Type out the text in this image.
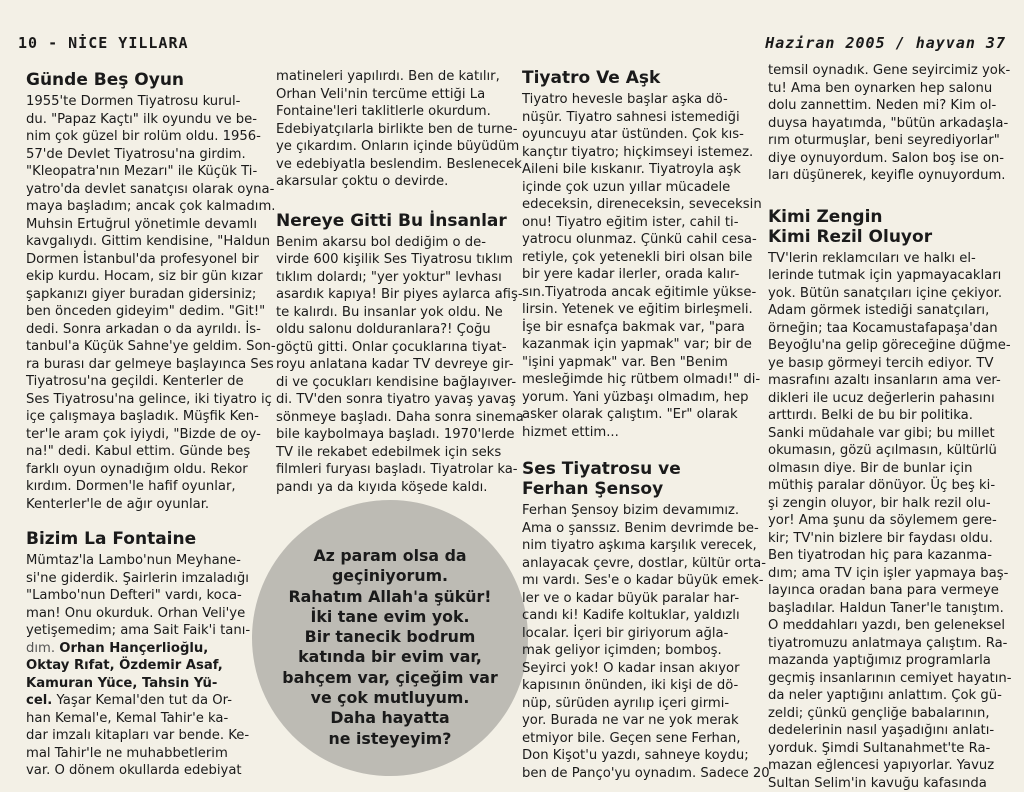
10 - NİCE YILLARA	Haziran 2005 / hayvan 37
Günde Beş Oyun

1955'te Dormen Tiyatrosu kurul-

du. "Papaz Kaçtı" ilk oyundu ve be-

nim çok güzel bir rolüm oldu. 1956-

57'de Devlet Tiyatrosu'na girdim.

"Kleopatra'nın Mezarı" ile Küçük Ti-

yatro'da devlet sanatçısı olarak oyna-

maya başladım; ancak çok kalmadım.

Muhsin Ertuğrul yönetimle devamlı

kavgalıydı. Gittim kendisine, "Haldun

Dormen İstanbul'da profesyonel bir

ekip kurdu. Hocam, siz bir gün kızar

şapkanızı giyer buradan gidersiniz;

ben önceden gideyim" dedim. "Git!"

dedi. Sonra arkadan o da ayrıldı. İs-

tanbul'a Küçük Sahne'ye geldim. Son-

ra burası dar gelmeye başlayınca Ses

Tiyatrosu'na geçildi. Kenterler de

Ses Tiyatrosu'na gelince, iki tiyatro iç

içe çalışmaya başladık. Müşfik Ken-

ter'le aram çok iyiydi, "Bizde de oy-

na!" dedi. Kabul ettim. Günde beş

farklı oyun oynadığım oldu. Rekor

kırdım. Dormen'le hafif oyunlar,

Kenterler'le de ağır oyunlar.

Bizim La Fontaine

Mümtaz'la Lambo'nun Meyhane-

si'ne giderdik. Şairlerin imzaladığı

"Lambo'nun Defteri" vardı, koca-

man! Onu okurduk. Orhan Veli'ye

yetişemedim; ama Sait Faik'i tanı-

dım. Orhan Hançerlioğlu,

Oktay Rıfat, Özdemir Asaf,

Kamuran Yüce, Tahsin Yü-

cel. Yaşar Kemal'den tut da Or-

han Kemal'e, Kemal Tahir'e ka-

dar imzalı kitapları var bende. Ke-

mal Tahir'le ne muhabbetlerim

var. O dönem okullarda edebiyat

matineleri yapılırdı. Ben de katılır,

Orhan Veli'nin tercüme ettiği La

Fontaine'leri taklitlerle okurdum.

Edebiyatçılarla birlikte ben de turne-

ye çıkardım. Onların içinde büyüdüm

ve edebiyatla beslendim. Beslenecek

akarsular çoktu o devirde.

Nereye Gitti Bu İnsanlar

Benim akarsu bol dediğim o de-

virde 600 kişilik Ses Tiyatrosu tıklım

tıklım dolardı; "yer yoktur" levhası

asardık kapıya! Bir piyes aylarca afiş-

te kalırdı. Bu insanlar yok oldu. Ne

oldu salonu dolduranlara?! Çoğu

göçtü gitti. Onlar çocuklarına tiyat-

royu anlatana kadar TV devreye gir-

di ve çocukları kendisine bağlayıver-

di. TV'den sonra tiyatro yavaş yavaş

sönmeye başladı. Daha sonra sinema

bile kaybolmaya başladı. 1970'lerde

TV ile rekabet edebilmek için seks

filmleri furyası başladı. Tiyatrolar ka-

pandı ya da kıyıda köşede kaldı.

Az param olsa da

geçiniyorum.

Rahatım Allah'a şükür!

İki tane evim yok.

Bir tanecik bodrum

katında bir evim var,

bahçem var, çiçeğim var

ve çok mutluyum.

Daha hayatta

ne isteyeyim?

Tiyatro Ve Aşk

Tiyatro hevesle başlar aşka dö-

nüşür. Tiyatro sahnesi istemediği

oyuncuyu atar üstünden. Çok kıs-

kançtır tiyatro; hiçkimseyi istemez.

Aileni bile kıskanır. Tiyatroyla aşk

içinde çok uzun yıllar mücadele

edeceksin, direneceksin, seveceksin

onu! Tiyatro eğitim ister, cahil ti-

yatrocu olunmaz. Çünkü cahil cesa-

retiyle, çok yetenekli biri olsan bile

bir yere kadar ilerler, orada kalır-

sın.Tiyatroda ancak eğitimle yükse-

lirsin. Yetenek ve eğitim birleşmeli.

İşe bir esnafça bakmak var, "para

kazanmak için yapmak" var; bir de

"işini yapmak" var. Ben "Benim

mesleğimde hiç rütbem olmadı!" di-

yorum. Yani yüzbaşı olmadım, hep

asker olarak çalıştım. "Er" olarak

hizmet ettim...

Ses Tiyatrosu ve
Ferhan Şensoy

Ferhan Şensoy bizim devamımız.

Ama o şanssız. Benim devrimde be-

nim tiyatro aşkıma karşılık verecek,

anlayacak çevre, dostlar, kültür orta-

mı vardı. Ses'e o kadar büyük emek-

ler ve o kadar büyük paralar har-

candı ki! Kadife koltuklar, yaldızlı

localar. İçeri bir giriyorum ağla-

mak geliyor içimden; bomboş.

Seyirci yok! O kadar insan akıyor

kapısının önünden, iki kişi de dö-

nüp, sürüden ayrılıp içeri girmi-

yor. Burada ne var ne yok merak

etmiyor bile. Geçen sene Ferhan,

Don Kişot'u yazdı, sahneye koydu;

ben de Panço'yu oynadım. Sadece 20

temsil oynadık. Gene seyircimiz yok-

tu! Ama ben oynarken hep salonu

dolu zannettim. Neden mi? Kim ol-

duysa hayatımda, "bütün arkadaşla-

rım oturmuşlar, beni seyrediyorlar"

diye oynuyordum. Salon boş ise on-

ları düşünerek, keyifle oynuyordum.

Kimi Zengin
Kimi Rezil Oluyor

TV'lerin reklamcıları ve halkı el-

lerinde tutmak için yapmayacakları

yok. Bütün sanatçıları içine çekiyor.

Adam görmek istediği sanatçıları,

örneğin; taa Kocamustafapaşa'dan

Beyoğlu'na gelip göreceğine düğme-

ye basıp görmeyi tercih ediyor. TV

masrafını azaltı insanların ama ver-

dikleri ile ucuz değerlerin pahasını

arttırdı. Belki de bu bir politika.

Sanki müdahale var gibi; bu millet

okumasın, gözü açılmasın, kültürlü

olmasın diye. Bir de bunlar için

müthiş paralar dönüyor. Üç beş ki-

şi zengin oluyor, bir halk rezil olu-

yor! Ama şunu da söylemem gere-

kir; TV'nin bizlere bir faydası oldu.

Ben tiyatrodan hiç para kazanma-

dım; ama TV için işler yapmaya baş-

layınca oradan bana para vermeye

başladılar. Haldun Taner'le tanıştım.

O meddahları yazdı, ben geleneksel

tiyatromuzu anlatmaya çalıştım. Ra-

mazanda yaptığımız programlarla

geçmiş insanlarının cemiyet hayatın-

da neler yaptığını anlattım. Çok gü-

zeldi; çünkü gençliğe babalarının,

dedelerinin nasıl yaşadığını anlatı-

yorduk. Şimdi Sultanahmet'te Ra-

mazan eğlencesi yapıyorlar. Yavuz

Sultan Selim'in kavuğu kafasında
